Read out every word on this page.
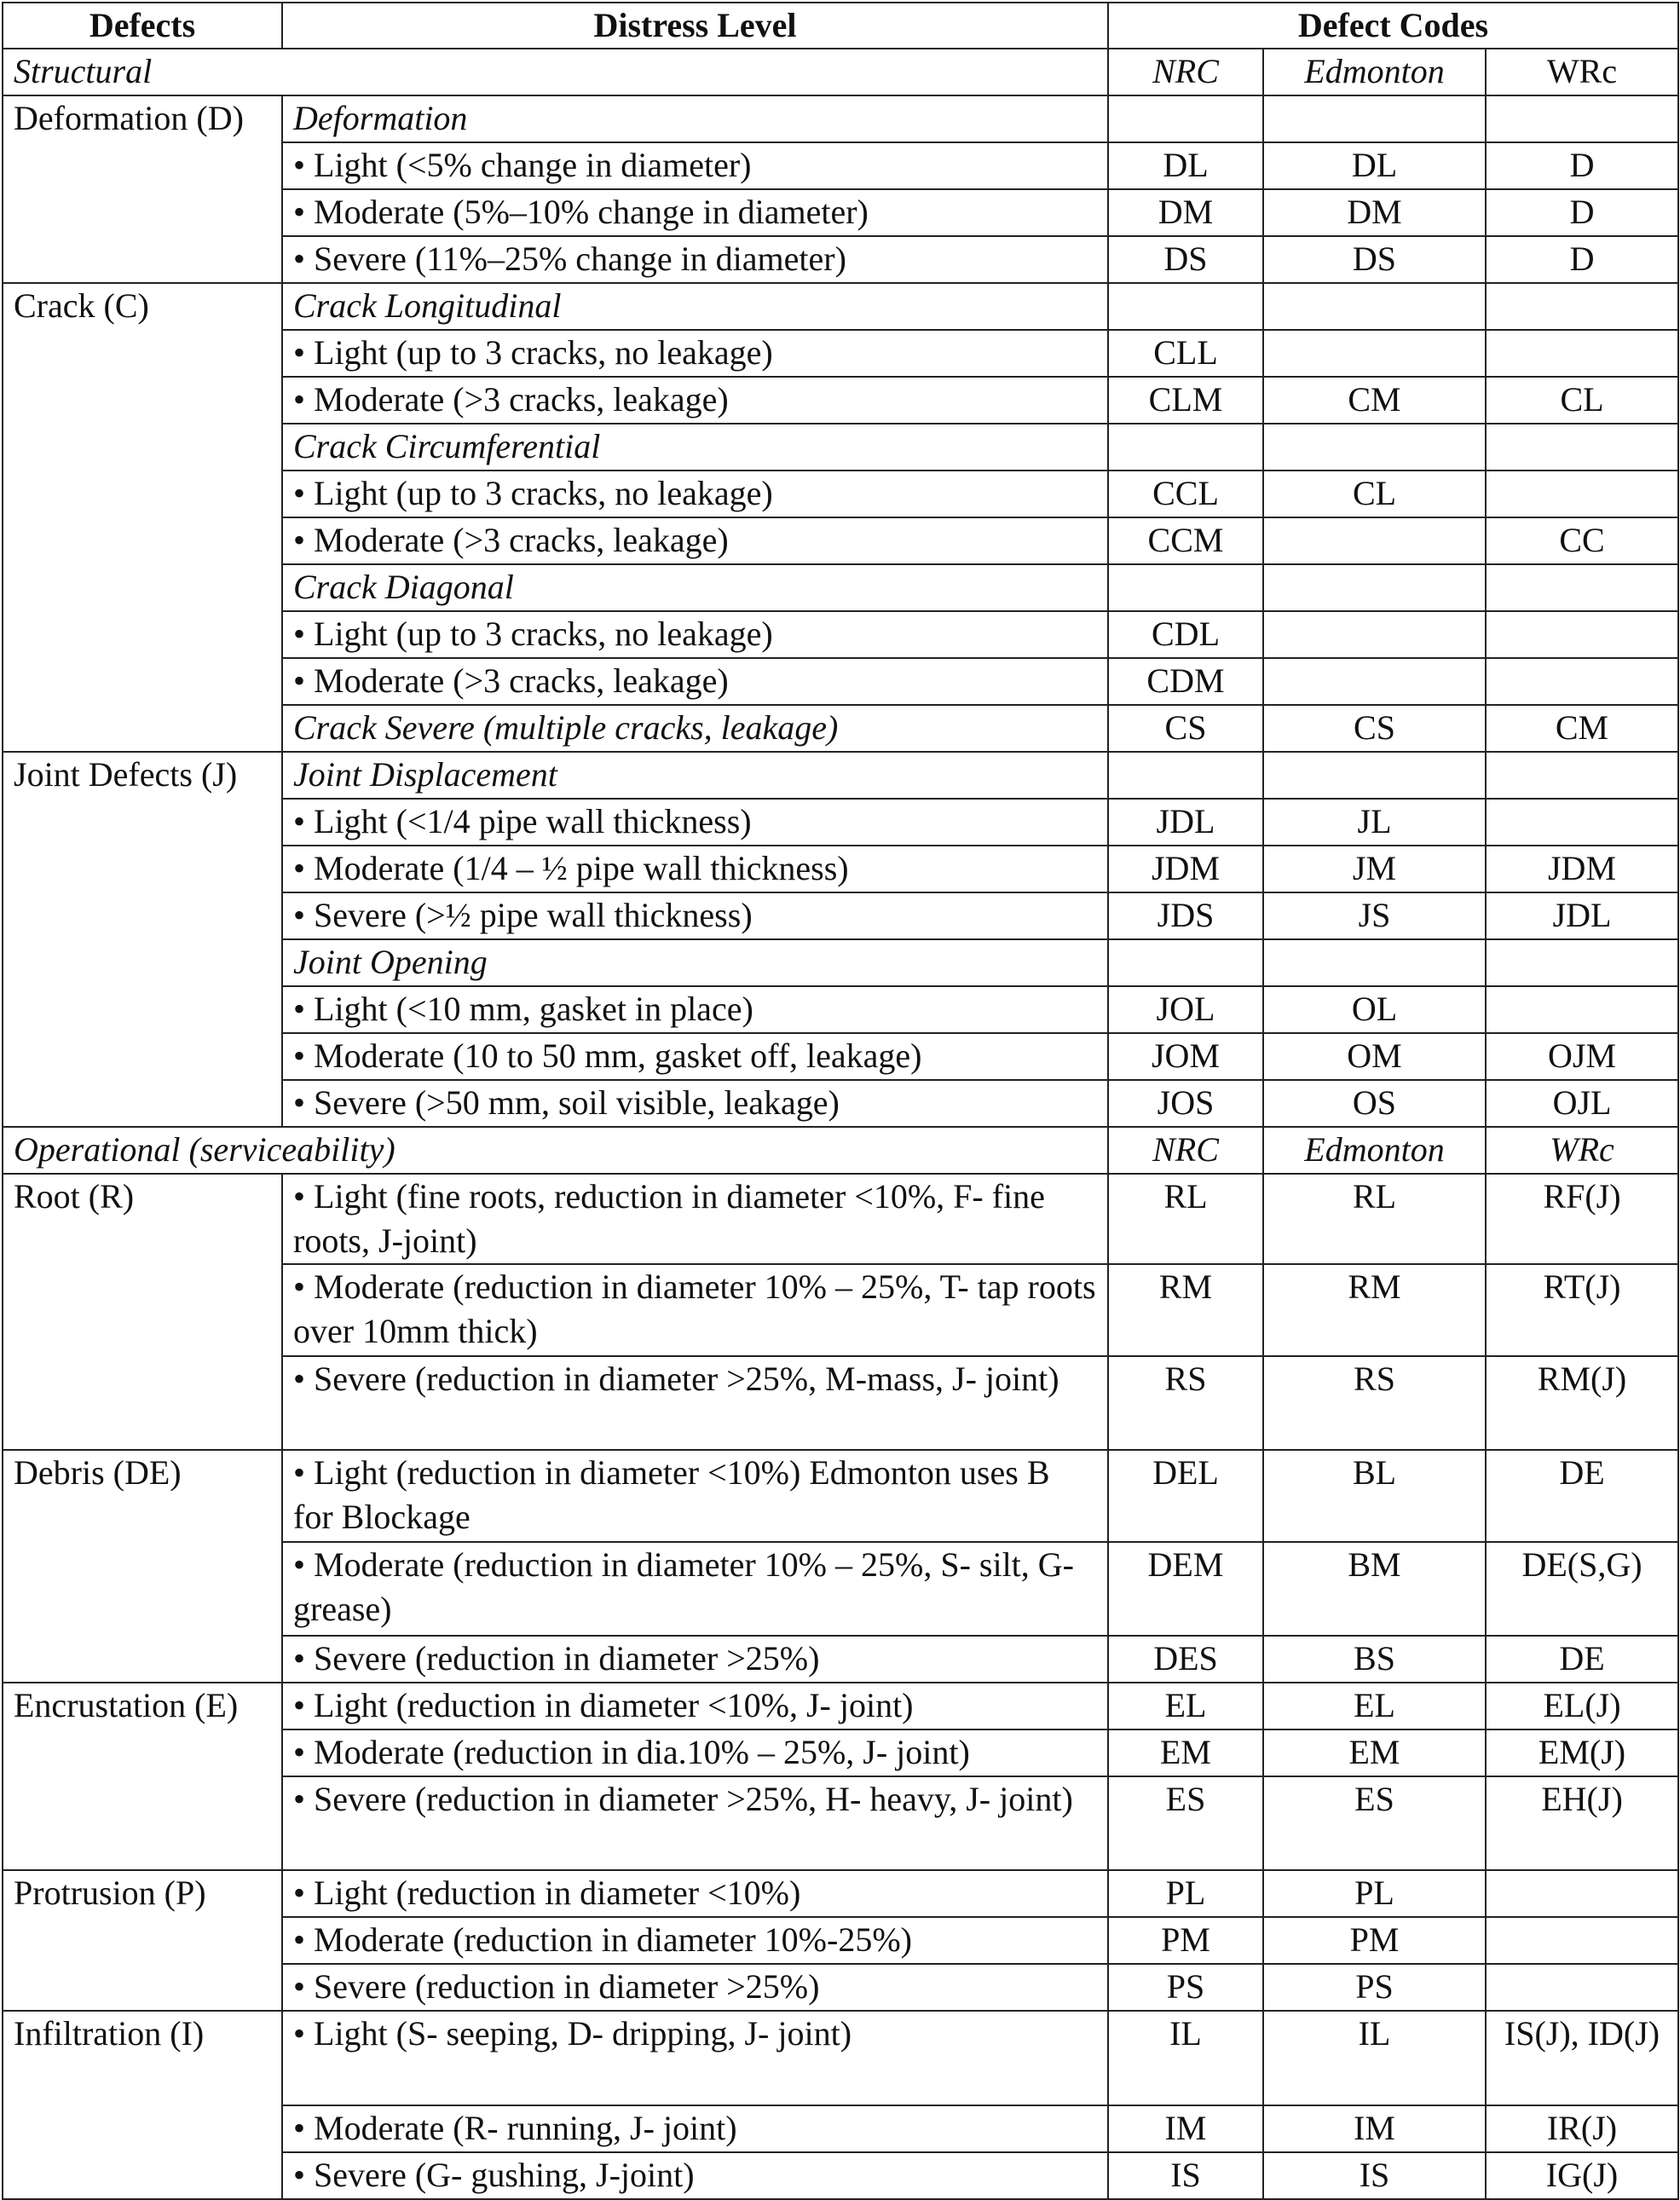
Defects	Distress Level	Defect Codes		
Structural		NRC	Edmonton	WRc
Deformation (D)	Deformation			

	• Light (<5% change in diameter)	DL	DL	D

	• Moderate (5%–10% change in diameter)	DM	DM	D

	• Severe (11%–25% change in diameter)	DS	DS	D
Crack (C)	Crack Longitudinal			

	• Light (up to 3 cracks, no leakage)	CLL		

	• Moderate (>3 cracks, leakage)	CLM	CM	CL

	Crack Circumferential			

	• Light (up to 3 cracks, no leakage)	CCL	CL	

	• Moderate (>3 cracks, leakage)	CCM		CC

	Crack Diagonal			

	• Light (up to 3 cracks, no leakage)	CDL		

	• Moderate (>3 cracks, leakage)	CDM		

	Crack Severe (multiple cracks, leakage)	CS	CS	CM
Joint Defects (J)	Joint Displacement			

	• Light (<1/4 pipe wall thickness)	JDL	JL	

	• Moderate (1/4 – ½ pipe wall thickness)	JDM	JM	JDM

	• Severe (>½ pipe wall thickness)	JDS	JS	JDL

	Joint Opening			

	• Light (<10 mm, gasket in place)	JOL	OL	

	• Moderate (10 to 50 mm, gasket off, leakage)	JOM	OM	OJM

	• Severe (>50 mm, soil visible, leakage)	JOS	OS	OJL
Operational (serviceability)		NRC	Edmonton	WRc
Root (R)	• Light (fine roots, reduction in diameter <10%, F- fine roots, J-joint)	RL	RL	RF(J)

	• Moderate (reduction in diameter 10% – 25%, T- tap roots over 10mm thick)	RM	RM	RT(J)

	• Severe (reduction in diameter >25%, M-mass, J- joint)	RS	RS	RM(J)
Debris (DE)	• Light (reduction in diameter <10%) Edmonton uses B for Blockage	DEL	BL	DE

	• Moderate (reduction in diameter 10% – 25%, S- silt, G- grease)	DEM	BM	DE(S,G)

	• Severe (reduction in diameter >25%)	DES	BS	DE
Encrustation (E)	• Light (reduction in diameter <10%, J- joint)	EL	EL	EL(J)

	• Moderate (reduction in dia.10% – 25%, J- joint)	EM	EM	EM(J)

	• Severe (reduction in diameter >25%, H- heavy, J- joint)	ES	ES	EH(J)
Protrusion (P)	• Light (reduction in diameter <10%)	PL	PL	

	• Moderate (reduction in diameter 10%-25%)	PM	PM	

	• Severe (reduction in diameter >25%)	PS	PS	
Infiltration (I)	• Light (S- seeping, D- dripping, J- joint)	IL	IL	IS(J), ID(J)

	• Moderate (R- running, J- joint)	IM	IM	IR(J)

	• Severe (G- gushing, J-joint)	IS	IS	IG(J)
